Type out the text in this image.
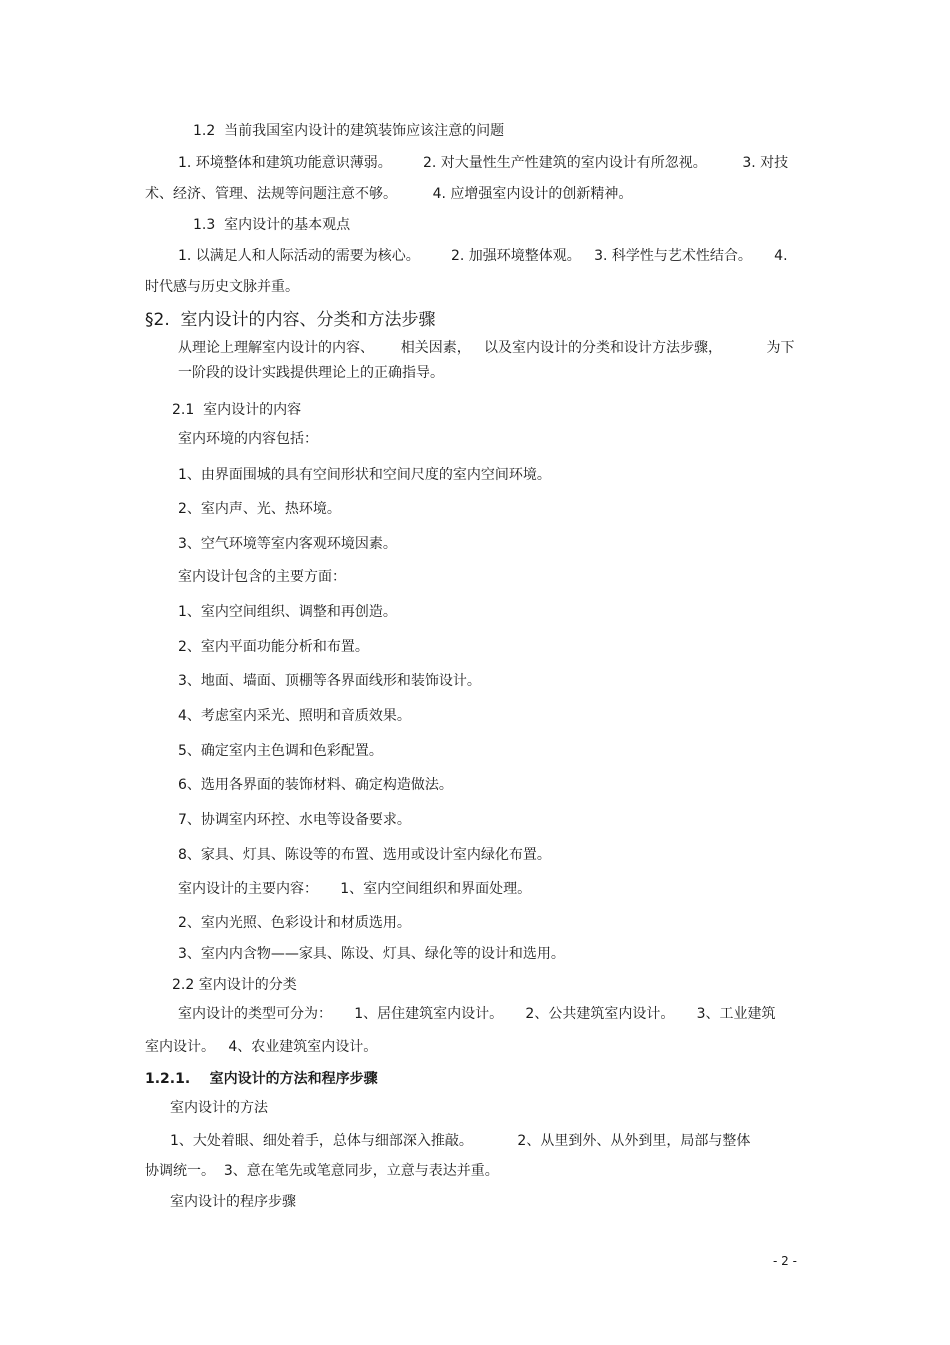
1.2  当前我国室内设计的建筑装饰应该注意的问题
1. 环境整体和建筑功能意识薄弱。       2. 对大量性生产性建筑的室内设计有所忽视。        3. 对技
术、经济、管理、法规等问题注意不够。        4. 应增强室内设计的创新精神。
1.3  室内设计的基本观点
1. 以满足人和人际活动的需要为核心。       2. 加强环境整体观。   3. 科学性与艺术性结合。     4.
时代感与历史文脉并重。
§2.  室内设计的内容、分类和方法步骤
从理论上理解室内设计的内容、      相关因素，   以及室内设计的分类和设计方法步骤，          为下
一阶段的设计实践提供理论上的正确指导。
2.1  室内设计的内容
室内环境的内容包括：
1、由界面围城的具有空间形状和空间尺度的室内空间环境。
2、室内声、光、热环境。
3、空气环境等室内客观环境因素。
室内设计包含的主要方面：
1、室内空间组织、调整和再创造。
2、室内平面功能分析和布置。
3、地面、墙面、顶棚等各界面线形和装饰设计。
4、考虑室内采光、照明和音质效果。
5、确定室内主色调和色彩配置。
6、选用各界面的装饰材料、确定构造做法。
7、协调室内环控、水电等设备要求。
8、家具、灯具、陈设等的布置、选用或设计室内绿化布置。
室内设计的主要内容：     1、室内空间组织和界面处理。
2、室内光照、色彩设计和材质选用。
3、室内内含物——家具、陈设、灯具、绿化等的设计和选用。
2.2 室内设计的分类
室内设计的类型可分为：     1、居住建筑室内设计。     2、公共建筑室内设计。     3、工业建筑
室内设计。   4、农业建筑室内设计。
1.2.1.    室内设计的方法和程序步骤
室内设计的方法
1、大处着眼、细处着手，总体与细部深入推敲。          2、从里到外、从外到里，局部与整体
协调统一。  3、意在笔先或笔意同步，立意与表达并重。
室内设计的程序步骤
- 2 -
